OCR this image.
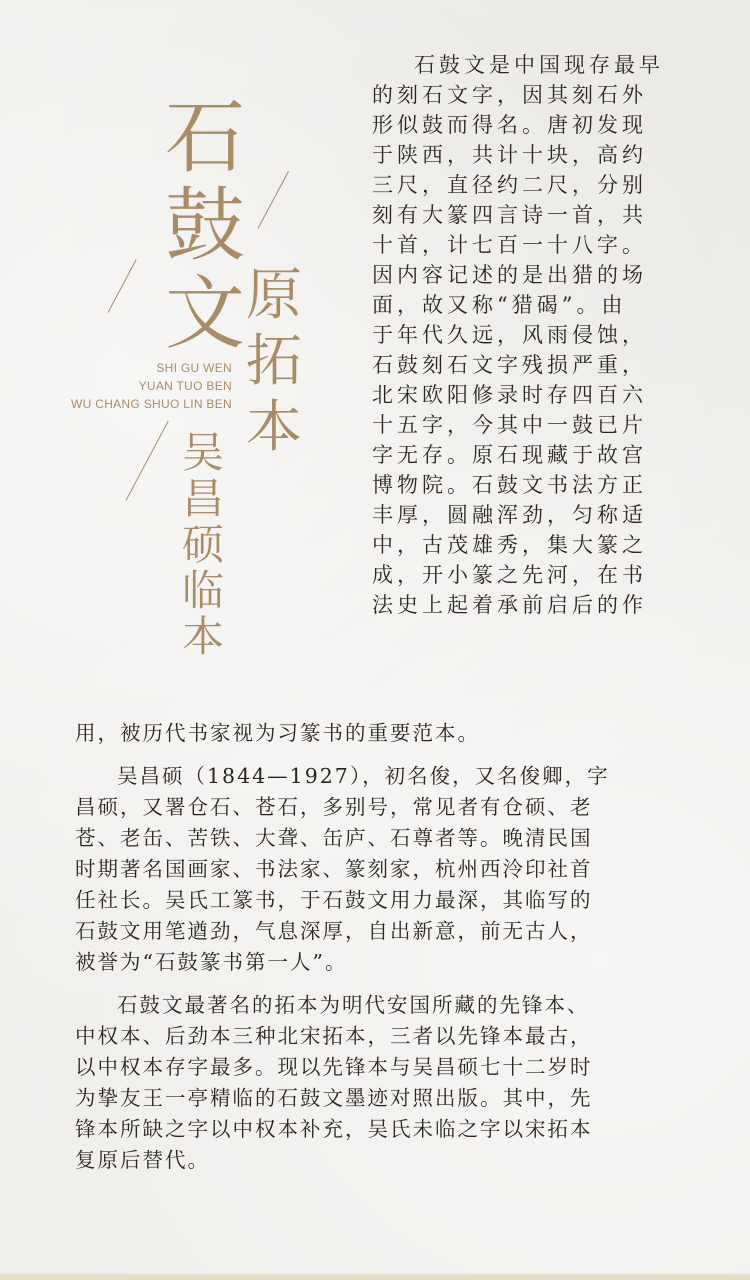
石
鼓
文 原
拓
本
SHI GU WEN
YUAN TUO BEN
WU CHANG SHUO LIN BEN
吴
昌
硕
临
本
石鼓文是中国现存最早
的刻石文字，因其刻石外
形似鼓而得名。唐初发现
于陕西，共计十块，高约
三尺，直径约二尺，分别
刻有大篆四言诗一首，共
十首，计七百一十八字。
因内容记述的是出猎的场
面，故又称“猎碣”。由
于年代久远，风雨侵蚀，
石鼓刻石文字残损严重，
北宋欧阳修录时存四百六
十五字，今其中一鼓已片
字无存。原石现藏于故宫
博物院。石鼓文书法方正
丰厚，圆融浑劲，匀称适
中，古茂雄秀，集大篆之
成，开小篆之先河，在书
法史上起着承前启后的作

用，被历代书家视为习篆书的重要范本。

吴昌硕（1844—1927），初名俊，又名俊卿，字
昌硕，又署仓石、苍石，多别号，常见者有仓硕、老
苍、老缶、苦铁、大聋、缶庐、石尊者等。晚清民国
时期著名国画家、书法家、篆刻家，杭州西泠印社首
任社长。吴氏工篆书，于石鼓文用力最深，其临写的
石鼓文用笔遒劲，气息深厚，自出新意，前无古人，
被誉为“石鼓篆书第一人”。

石鼓文最著名的拓本为明代安国所藏的先锋本、
中权本、后劲本三种北宋拓本，三者以先锋本最古，
以中权本存字最多。现以先锋本与吴昌硕七十二岁时
为挚友王一亭精临的石鼓文墨迹对照出版。其中，先
锋本所缺之字以中权本补充，吴氏未临之字以宋拓本
复原后替代。
